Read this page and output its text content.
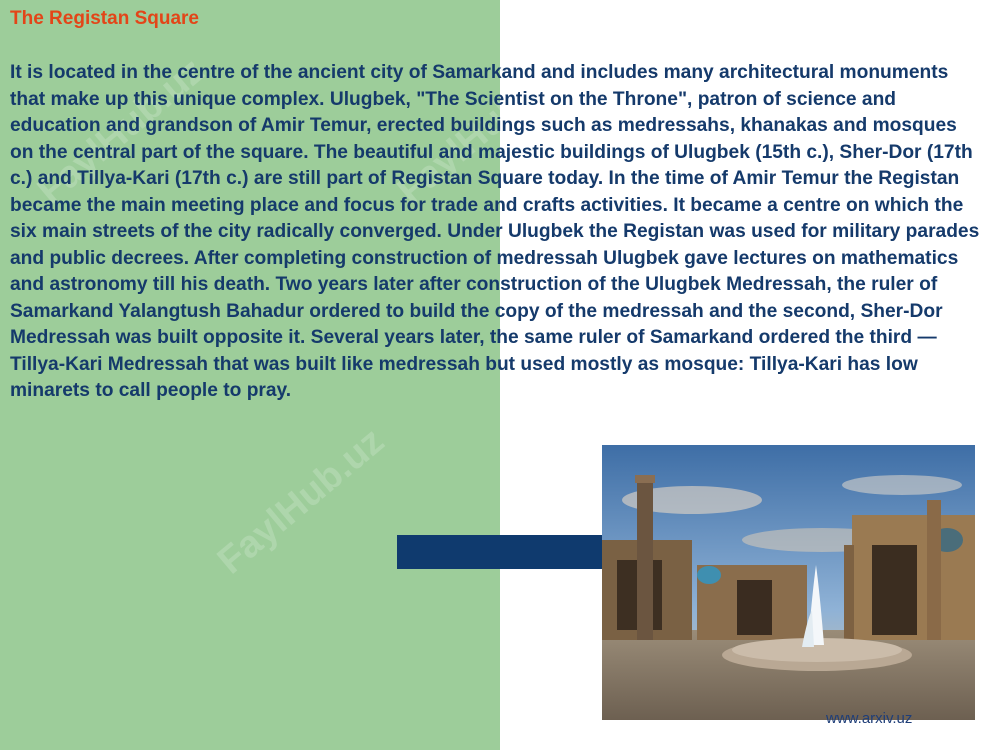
FaylHub.uz
FaylHub.uz
The Registan Square

It is located in the centre of the ancient city of Samarkand and includes many architectural monuments that make up this unique complex. Ulugbek, "The Scientist on the Throne", patron of science and education and grandson of Amir Temur, erected buildings such as medressahs, khanakas and mosques on the central part of the square. The beautiful and majestic buildings of Ulugbek (15th c.), Sher-Dor (17th c.) and Tillya-Kari (17th c.) are still part of Registan Square today. In the time of Amir Temur the Registan became the main meeting place and focus for trade and crafts activities. It became a centre on which the six main streets of the city radically converged. Under Ulugbek the Registan was used for military parades and public decrees. After completing construction of medressah Ulugbek gave lectures on mathematics and astronomy till his death. Two years later after construction of the Ulugbek Medressah, the ruler of Samarkand Yalangtush Bahadur ordered to build the copy of the medressah and the second, Sher-Dor Medressah was built opposite it. Several years later, the same ruler of Samarkand ordered the third — Tillya-Kari Medressah that was built like medressah but used mostly as mosque: Tillya-Kari has low minarets to call people to pray.

www.arxiv.uz
